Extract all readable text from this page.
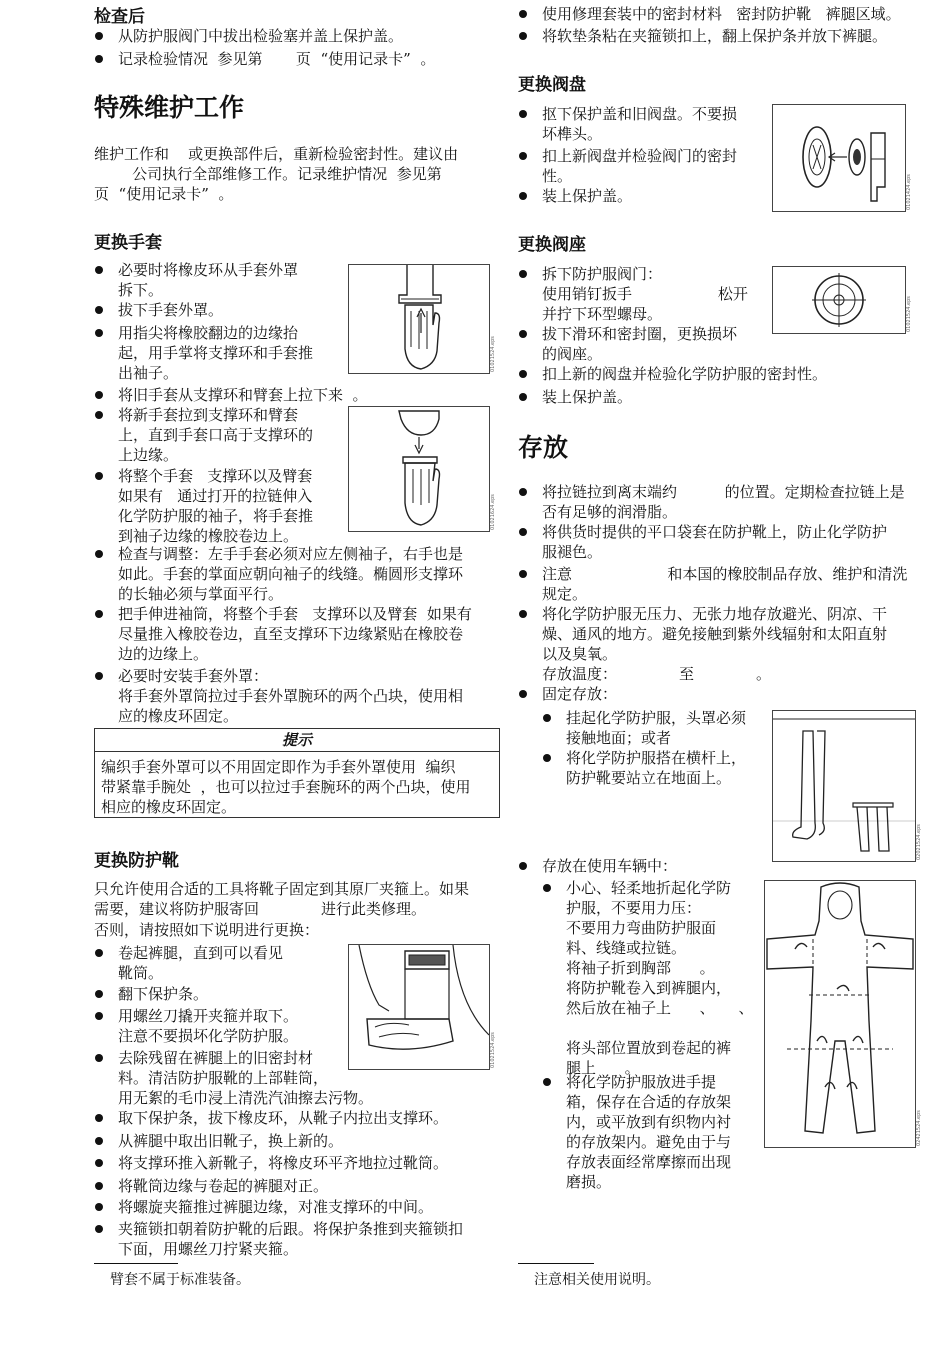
检查后
从防护服阀门中拔出检验塞并盖上保护盖。
记录检验情况  参见第       页  “使用记录卡”  。
特殊维护工作
维护工作和    或更换部件后，重新检验密封性。建议由
公司执行全部维修工作。记录维护情况  参见第
页  “使用记录卡”  。
更换手套
必要时将橡皮环从手套外罩
拆下。
拔下手套外罩。
用指尖将橡胶翻边的边缘抬
起，用手掌将支撑环和手套推
出袖子。
将旧手套从支撑环和臂套上拉下来  。
将新手套拉到支撑环和臂套
上，直到手套口高于支撑环的
上边缘。
将整个手套   支撑环以及臂套
如果有   通过打开的拉链伸入
化学防护服的袖子，将手套推
到袖子边缘的橡胶卷边上。
检查与调整：左手手套必须对应左侧袖子，右手也是
如此。手套的掌面应朝向袖子的线缝。椭圆形支撑环
的长轴必须与掌面平行。
把手伸进袖筒，将整个手套   支撑环以及臂套  如果有
尽量推入橡胶卷边，直至支撑环下边缘紧贴在橡胶卷
边的边缘上。
必要时安装手套外罩：
将手套外罩筒拉过手套外罩腕环的两个凸块，使用相
应的橡皮环固定。
01021524.eps
01021624.eps
提示
编织手套外罩可以不用固定即作为手套外罩使用  编织
带紧靠手腕处  ，也可以拉过手套腕环的两个凸块，使用
相应的橡皮环固定。
更换防护靴
只允许使用合适的工具将靴子固定到其原厂夹箍上。如果
需要，建议将防护服寄回             进行此类修理。
否则，请按照如下说明进行更换：
卷起裤腿，直到可以看见
靴筒。
翻下保护条。
用螺丝刀撬开夹箍并取下。
注意不要损坏化学防护服。
去除残留在裤腿上的旧密封材
料。清洁防护服靴的上部鞋筒，
用无絮的毛巾浸上清洗汽油擦去污物。
取下保护条，拔下橡皮环，从靴子内拉出支撑环。
从裤腿中取出旧靴子，换上新的。
将支撑环推入新靴子，将橡皮环平齐地拉过靴筒。
将靴筒边缘与卷起的裤腿对正。
将螺旋夹箍推过裤腿边缘，对准支撑环的中间。
夹箍锁扣朝着防护靴的后跟。将保护条推到夹箍锁扣
下面，用螺丝刀拧紧夹箍。
01021524.eps
臂套不属于标准装备。
使用修理套装中的密封材料   密封防护靴   裤腿区域。
将软垫条粘在夹箍锁扣上，翻上保护条并放下裤腿。
更换阀盘
抠下保护盖和旧阀盘。不要损
坏榫头。
扣上新阀盘并检验阀门的密封
性。
装上保护盖。	01021424.eps
更换阀座
拆下防护服阀门：
使用销钉扳手                  松开
并拧下环型螺母。
拔下滑环和密封圈，更换损坏
的阀座。
扣上新的阀盘并检验化学防护服的密封性。
装上保护盖。
01021524.eps
存放
将拉链拉到离末端约          的位置。定期检查拉链上是
否有足够的润滑脂。
将供货时提供的平口袋套在防护靴上，防止化学防护
服褪色。
注意                    和本国的橡胶制品存放、维护和清洗
规定。
将化学防护服无压力、无张力地存放避光、阴凉、干
燥、通风的地方。避免接触到紫外线辐射和太阳直射
以及臭氧。
存放温度：             至             。
固定存放：
挂起化学防护服，头罩必须
接触地面；或者
将化学防护服搭在横杆上，
防护靴要站立在地面上。
02021524.eps
存放在使用车辆中：
小心、轻柔地折起化学防
护服，不要用力压：
不要用力弯曲防护服面
料、线缝或拉链。
将袖子折到胸部      。
将防护靴卷入到裤腿内，
然后放在袖子上      、     、

将头部位置放到卷起的裤
腿上      。
将化学防护服放进手提
箱，保存在合适的存放架
内，或平放到有织物内衬
的存放架内。避免由于与
存放表面经常摩擦而出现
磨损。
02421524.eps
注意相关使用说明。
